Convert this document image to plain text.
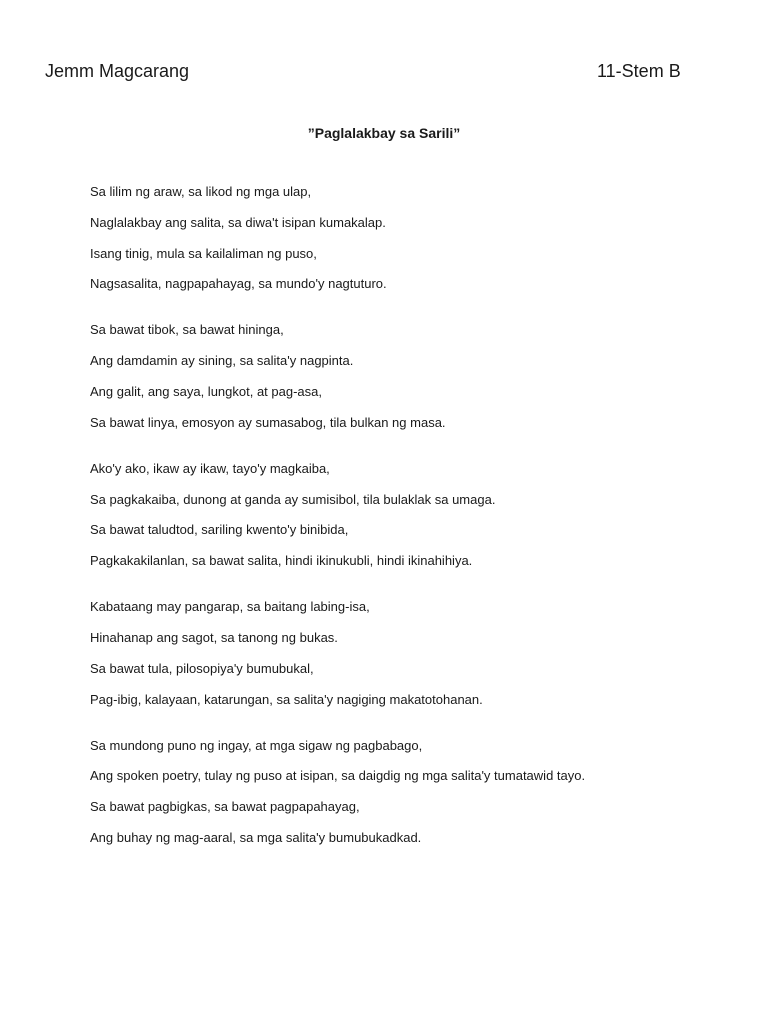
Jemm Magcarang	11-Stem B
”Paglalakbay sa Sarili”
Sa lilim ng araw, sa likod ng mga ulap,
Naglalakbay ang salita, sa diwa't isipan kumakalap.
Isang tinig, mula sa kailaliman ng puso,
Nagsasalita, nagpapahayag, sa mundo'y nagtuturo.
Sa bawat tibok, sa bawat hininga,
Ang damdamin ay sining, sa salita'y nagpinta.
Ang galit, ang saya, lungkot, at pag-asa,
Sa bawat linya, emosyon ay sumasabog, tila bulkan ng masa.
Ako'y ako, ikaw ay ikaw, tayo'y magkaiba,
Sa pagkakaiba, dunong at ganda ay sumisibol, tila bulaklak sa umaga.
Sa bawat taludtod, sariling kwento'y binibida,
Pagkakakilanlan, sa bawat salita, hindi ikinukubli, hindi ikinahihiya.
Kabataang may pangarap, sa baitang labing-isa,
Hinahanap ang sagot, sa tanong ng bukas.
Sa bawat tula, pilosopiya'y bumubukal,
Pag-ibig, kalayaan, katarungan, sa salita'y nagiging makatotohanan.
Sa mundong puno ng ingay, at mga sigaw ng pagbabago,
Ang spoken poetry, tulay ng puso at isipan, sa daigdig ng mga salita'y tumatawid tayo.
Sa bawat pagbigkas, sa bawat pagpapahayag,
Ang buhay ng mag-aaral, sa mga salita'y bumubukadkad.
